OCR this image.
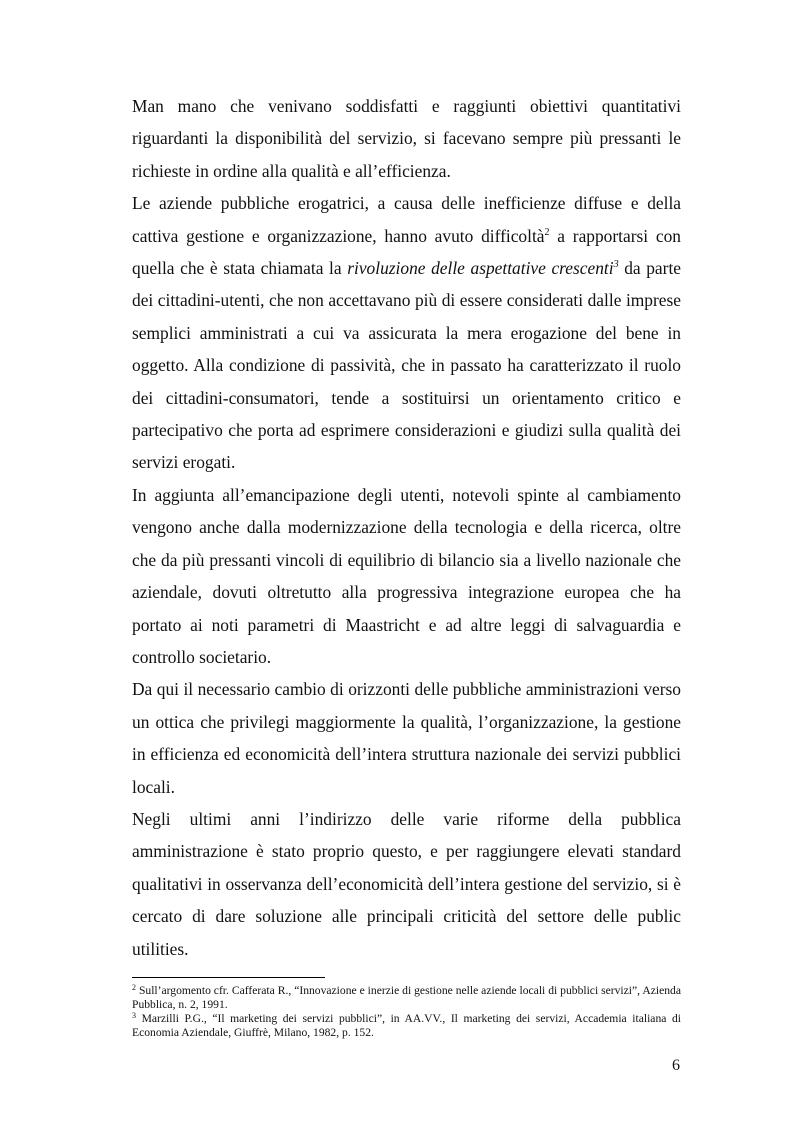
Man mano che venivano soddisfatti e raggiunti obiettivi quantitativi riguardanti la disponibilità del servizio, si facevano sempre più pressanti le richieste in ordine alla qualità e all’efficienza.

Le aziende pubbliche erogatrici, a causa delle inefficienze diffuse e della cattiva gestione e organizzazione, hanno avuto difficoltà$^2$ a rapportarsi con quella che è stata chiamata la rivoluzione delle aspettative crescenti$^3$ da parte dei cittadini-utenti, che non accettavano più di essere considerati dalle imprese semplici amministrati a cui va assicurata la mera erogazione del bene in oggetto. Alla condizione di passività, che in passato ha caratterizzato il ruolo dei cittadini-consumatori, tende a sostituirsi un orientamento critico e partecipativo che porta ad esprimere considerazioni e giudizi sulla qualità dei servizi erogati.

In aggiunta all’emancipazione degli utenti, notevoli spinte al cambiamento vengono anche dalla modernizzazione della tecnologia e della ricerca, oltre che da più pressanti vincoli di equilibrio di bilancio sia a livello nazionale che aziendale, dovuti oltretutto alla progressiva integrazione europea che ha portato ai noti parametri di Maastricht e ad altre leggi di salvaguardia e controllo societario.

Da qui il necessario cambio di orizzonti delle pubbliche amministrazioni verso un ottica che privilegi maggiormente la qualità, l’organizzazione, la gestione in efficienza ed economicità dell’intera struttura nazionale dei servizi pubblici locali.

Negli ultimi anni l’indirizzo delle varie riforme della pubblica amministrazione è stato proprio questo, e per raggiungere elevati standard qualitativi in osservanza dell’economicità dell’intera gestione del servizio, si è cercato di dare soluzione alle principali criticità del settore delle public utilities.

$^2$ Sull’argomento cfr. Cafferata R., “Innovazione e inerzie di gestione nelle aziende locali di pubblici servizi”, Azienda Pubblica, n. 2, 1991.

$^3$ Marzilli P.G., “Il marketing dei servizi pubblici”, in AA.VV., Il marketing dei servizi, Accademia italiana di Economia Aziendale, Giuffrè, Milano, 1982, p. 152.

6
